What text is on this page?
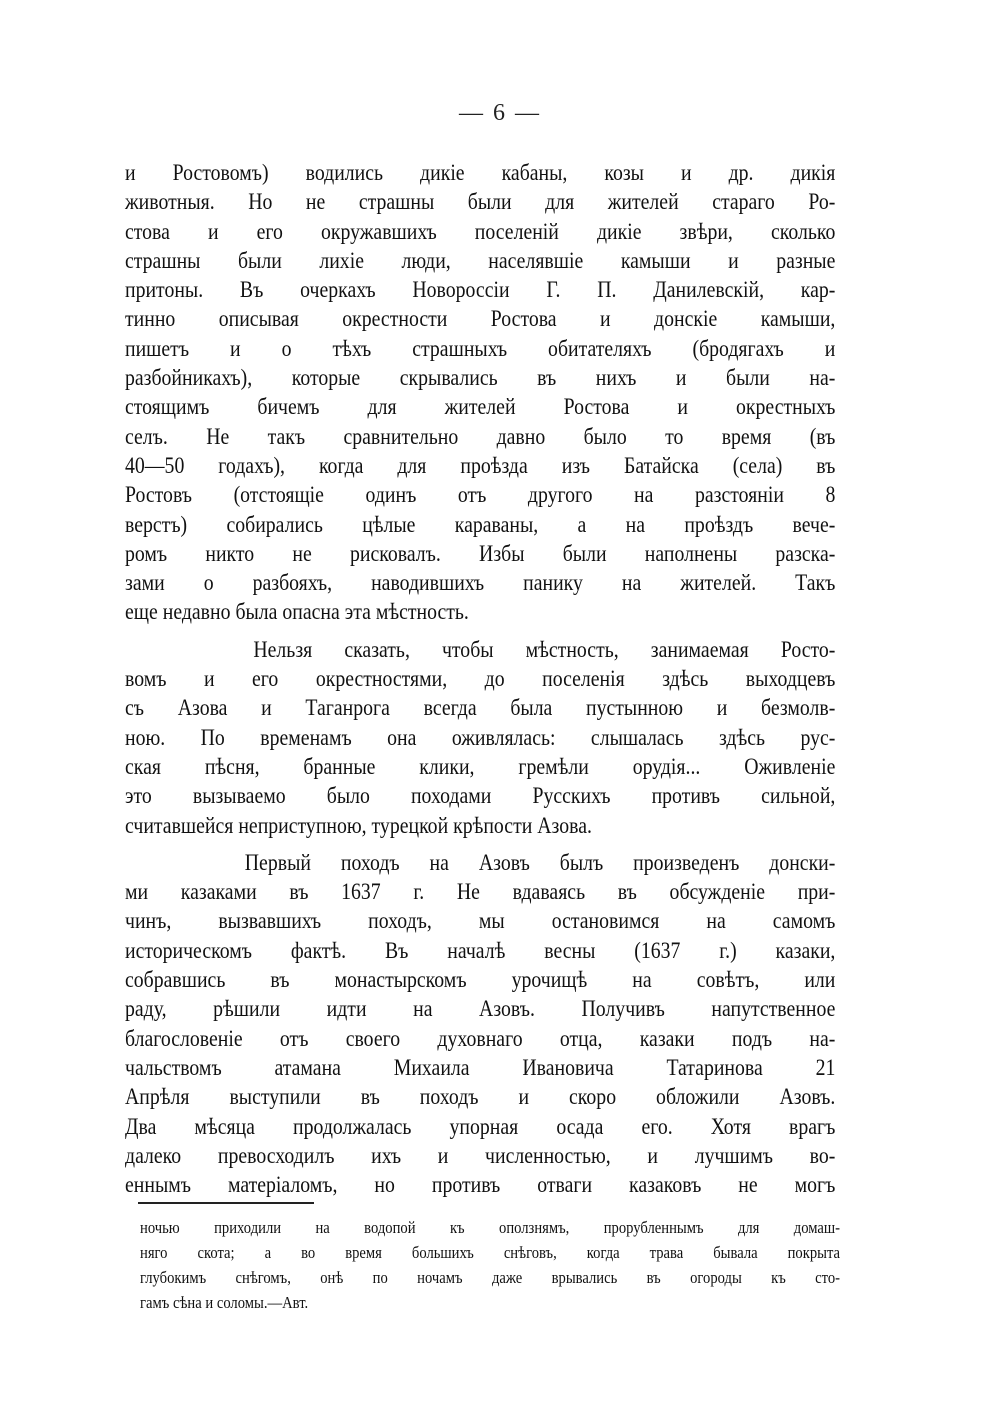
— 6 —
и Ростовомъ) водились дикіе кабаны, козы и др. дикія
животныя. Но не страшны были для жителей стараго Ро-
стова и его окружавшихъ поселеній дикіе звѣри, сколько
страшны были лихіе люди, населявшіе камыши и разные
притоны. Въ очеркахъ Новороссіи Г. П. Данилевскій, кар-
тинно описывая окрестности Ростова и донскіе камыши,
пишетъ и о тѣхъ страшныхъ обитателяхъ (бродягахъ и
разбойникахъ), которые скрывались въ нихъ и были на-
стоящимъ бичемъ для жителей Ростова и окрестныхъ
селъ. Не такъ сравнительно давно было то время (въ
40—50 годахъ), когда для проѣзда изъ Батайска (села) въ
Ростовъ (отстоящіе одинъ отъ другого на разстояніи 8
верстъ) собирались цѣлые караваны, а на проѣздъ вече-
ромъ никто не рисковалъ. Избы были наполнены разска-
зами о разбояхъ, наводившихъ панику на жителей. Такъ
еще недавно была опасна эта мѣстность.
Нельзя сказать, чтобы мѣстность, занимаемая Росто-
вомъ и его окрестностями, до поселенія здѣсь выходцевъ
съ Азова и Таганрога всегда была пустынною и безмолв-
ною. По временамъ она оживлялась: слышалась здѣсь рус-
ская пѣсня, бранные клики, гремѣли орудія... Оживленіе
это вызываемо было походами Русскихъ противъ сильной,
считавшейся неприступною, турецкой крѣпости Азова.
Первый походъ на Азовъ былъ произведенъ донски-
ми казаками въ 1637 г. Не вдаваясь въ обсужденіе при-
чинъ, вызвавшихъ походъ, мы остановимся на самомъ
историческомъ фактѣ. Въ началѣ весны (1637 г.) казаки,
собравшись въ монастырскомъ урочищѣ на совѣтъ, или
раду, рѣшили идти на Азовъ. Получивъ напутственное
благословеніе отъ своего духовнаго отца, казаки подъ на-
чальствомъ атамана Михаила Ивановича Татаринова 21
Апрѣля выступили въ походъ и скоро обложили Азовъ.
Два мѣсяца продолжалась упорная осада его. Хотя врагъ
далеко превосходилъ ихъ и численностью, и лучшимъ во-
еннымъ матеріаломъ, но противъ отваги казаковъ не могъ
ночью приходили на водопой къ оползнямъ, прорубленнымъ для домаш-
няго скота; а во время большихъ снѣговъ, когда трава бывала покрыта
глубокимъ снѣгомъ, онѣ по ночамъ даже врывались въ огороды къ сто-
гамъ сѣна и соломы.—Авт.
